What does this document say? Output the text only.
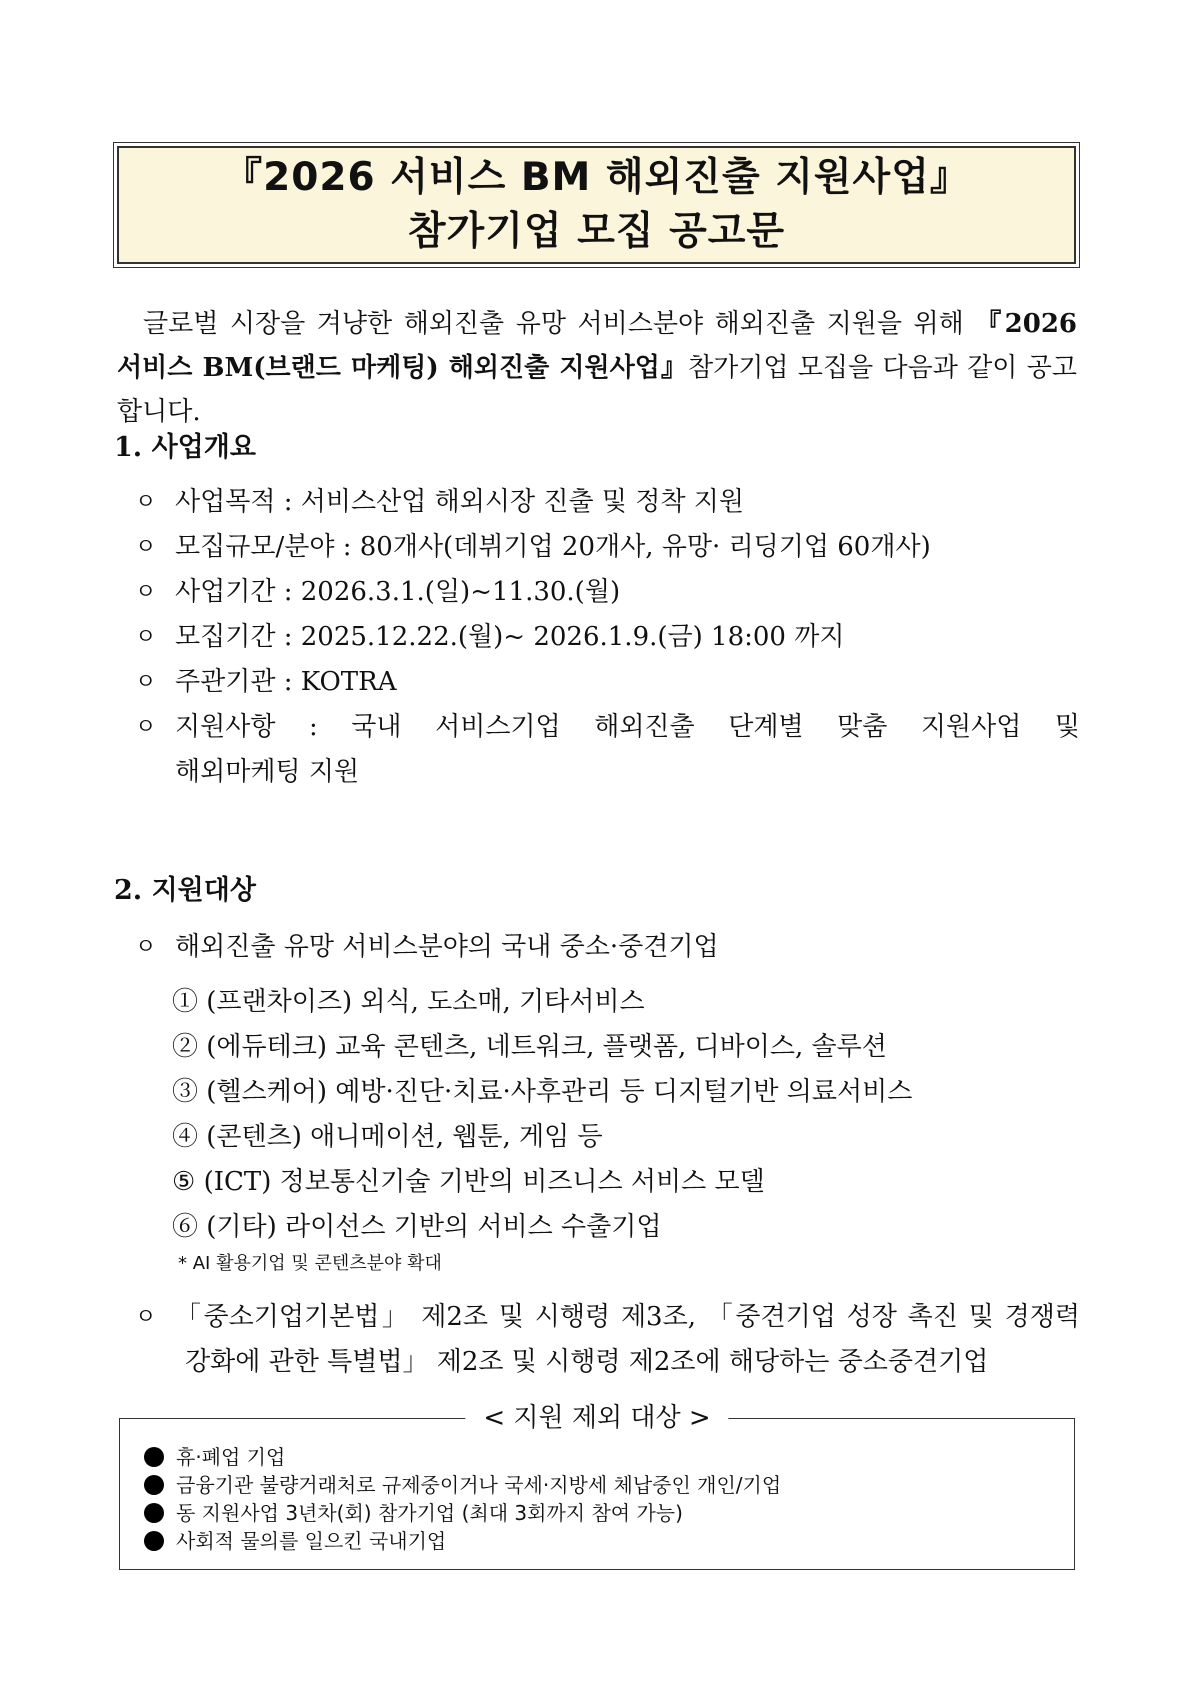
『2026 서비스 BM 해외진출 지원사업』
참가기업 모집 공고문
글로벌 시장을 겨냥한 해외진출 유망 서비스분야 해외진출 지원을 위해 『2026 서비스 BM(브랜드 마케팅) 해외진출 지원사업』참가기업 모집을 다음과 같이 공고합니다.
1. 사업개요
ㅇ 사업목적 : 서비스산업 해외시장 진출 및 정착 지원
ㅇ 모집규모/분야 : 80개사(데뷔기업 20개사, 유망· 리딩기업 60개사)
ㅇ 사업기간 : 2026.3.1.(일)~11.30.(월)
ㅇ 모집기간 : 2025.12.22.(월)~ 2026.1.9.(금) 18:00 까지
ㅇ 주관기관 : KOTRA
ㅇ 지원사항 : 국내 서비스기업 해외진출 단계별 맞춤 지원사업 및
해외마케팅 지원
2. 지원대상
ㅇ 해외진출 유망 서비스분야의 국내 중소·중견기업
① (프랜차이즈) 외식, 도소매, 기타서비스
② (에듀테크) 교육 콘텐츠, 네트워크, 플랫폼, 디바이스, 솔루션
③ (헬스케어) 예방·진단·치료·사후관리 등 디지털기반 의료서비스
④ (콘텐츠) 애니메이션, 웹툰, 게임 등
⑤ (ICT) 정보통신기술 기반의 비즈니스 서비스 모델
⑥ (기타) 라이선스 기반의 서비스 수출기업
* AI 활용기업 및 콘텐츠분야 확대
ㅇ 「중소기업기본법」 제2조 및 시행령 제3조, 「중견기업 성장 촉진 및 경쟁력
강화에 관한 특별법」 제2조 및 시행령 제2조에 해당하는 중소중견기업
< 지원 제외 대상 >
휴·폐업 기업
금융기관 불량거래처로 규제중이거나 국세·지방세 체납중인 개인/기업
동 지원사업 3년차(회) 참가기업 (최대 3회까지 참여 가능)
사회적 물의를 일으킨 국내기업
